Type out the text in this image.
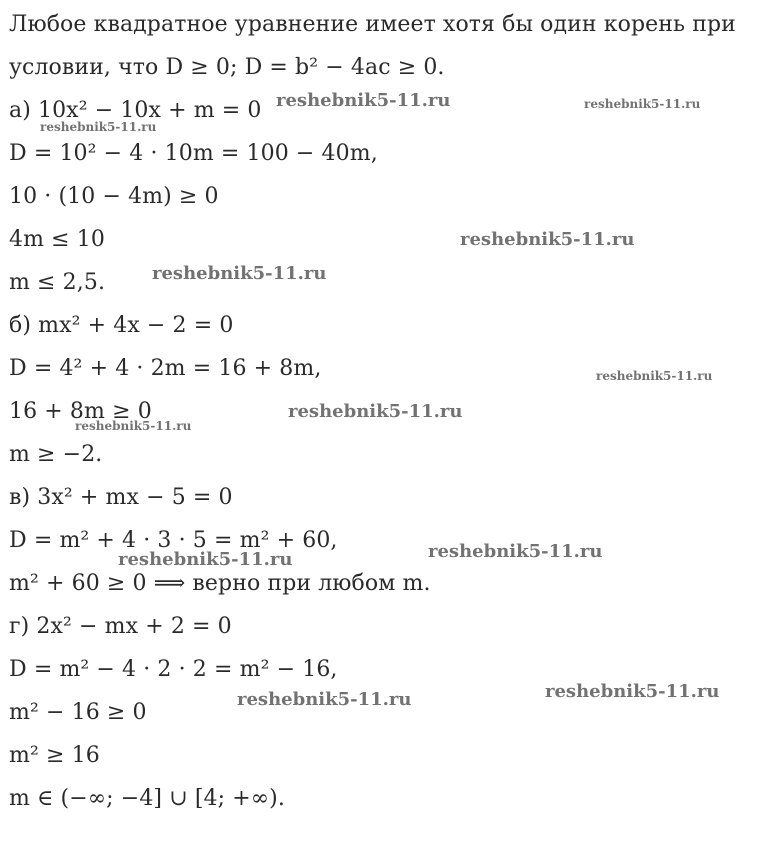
Любое квадратное уравнение имеет хотя бы один корень при
условии, что D ≥ 0; D = b² − 4ac ≥ 0.
а) 10x² − 10x + m = 0
D = 10² − 4 · 10m = 100 − 40m,
10 · (10 − 4m) ≥ 0
4m ≤ 10
m ≤ 2,5.
б) mx² + 4x − 2 = 0
D = 4² + 4 · 2m = 16 + 8m,
16 + 8m ≥ 0
m ≥ −2.
в) 3x² + mx − 5 = 0
D = m² + 4 · 3 · 5 = m² + 60,
m² + 60 ≥ 0 ⟹ верно при любом m.
г) 2x² − mx + 2 = 0
D = m² − 4 · 2 · 2 = m² − 16,
m² − 16 ≥ 0
m² ≥ 16
m ∈ (−∞; −4] ∪ [4; +∞).
reshebnik5-11.ru	reshebnik5-11.ru
reshebnik5-11.ru
reshebnik5-11.ru
reshebnik5-11.ru
reshebnik5-11.ru
reshebnik5-11.ru
reshebnik5-11.ru
reshebnik5-11.ru
reshebnik5-11.ru
reshebnik5-11.ru
reshebnik5-11.ru
